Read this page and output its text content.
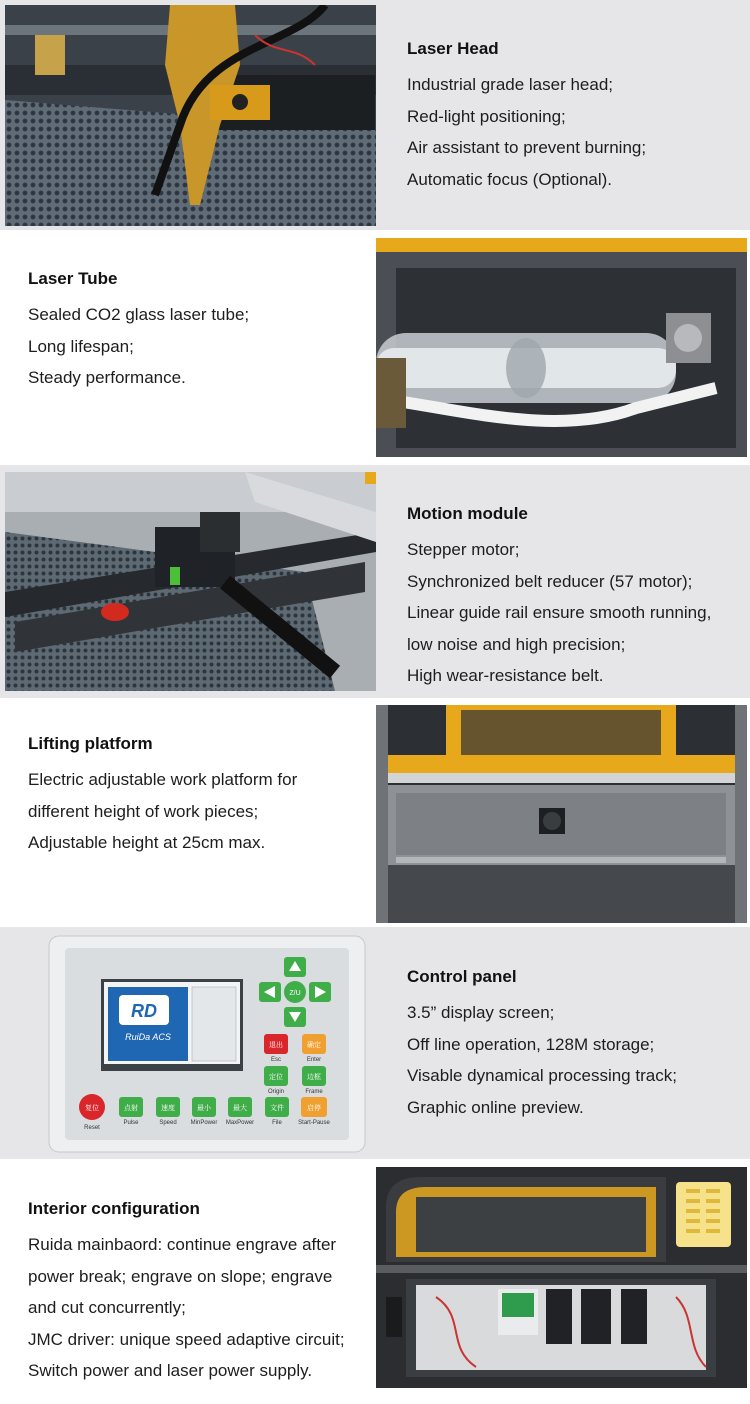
Laser Head
Industrial grade laser head;
Red-light positioning;
Air assistant to prevent burning;
Automatic focus (Optional).
Laser Tube
Sealed CO2 glass laser tube;
Long lifespan;
Steady performance.
Motion module
Stepper motor;
Synchronized belt reducer (57 motor);
Linear guide rail ensure smooth running,
low noise and high precision;
High wear-resistance belt.
Lifting platform
Electric adjustable work platform for
different height of work pieces;
Adjustable height at 25cm max.
RD
RuiDa ACS
Z/U
退出
Esc
确定
Enter
定位
Origin
边框
Frame
复位
Reset
点射
Pulse
速度
Speed
最小
MinPower
最大
MaxPower
文件
File
启停
Start-Pause
Control panel
3.5” display screen;
Off line operation, 128M storage;
Visable dynamical processing track;
Graphic online preview.
Interior configuration
Ruida mainbaord: continue engrave after
power break; engrave on slope; engrave
and cut concurrently;
JMC driver: unique speed adaptive circuit;
Switch power and laser power supply.
